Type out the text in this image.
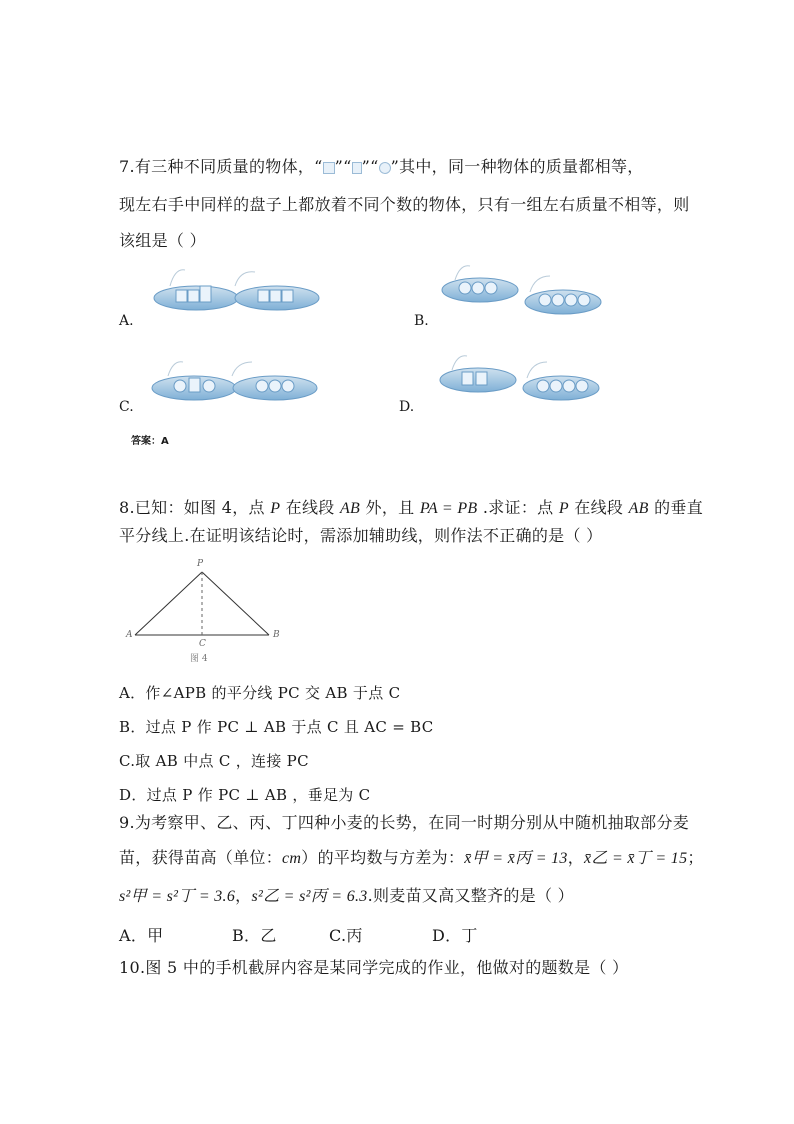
7.有三种不同质量的物体，“ ”“ ”“ ”其中，同一种物体的质量都相等，
现左右手中同样的盘子上都放着不同个数的物体，只有一组左右质量不相等，则
该组是（ ）
A.	B.
C.	D.
答案：A
8.已知：如图 4，点 P 在线段 AB 外，且 PA = PB .求证：点 P 在线段 AB 的垂直
平分线上.在证明该结论时，需添加辅助线，则作法不正确的是（ ）
P
A	B
C
图 4
A．作∠APB 的平分线 PC 交 AB 于点 C
B．过点 P 作 PC ⊥ AB 于点 C 且 AC = BC
C.取 AB 中点 C ，连接 PC
D．过点 P 作 PC ⊥ AB ，垂足为 C
9.为考察甲、乙、丙、丁四种小麦的长势，在同一时期分别从中随机抽取部分麦
苗，获得苗高（单位：cm）的平均数与方差为：x̄甲 = x̄丙 = 13，x̄乙 = x̄丁 = 15；
s²甲 = s²丁 = 3.6，s²乙 = s²丙 = 6.3.则麦苗又高又整齐的是（ ）
A．甲	B．乙	C.丙	D．丁
10.图 5 中的手机截屏内容是某同学完成的作业，他做对的题数是（ ）
